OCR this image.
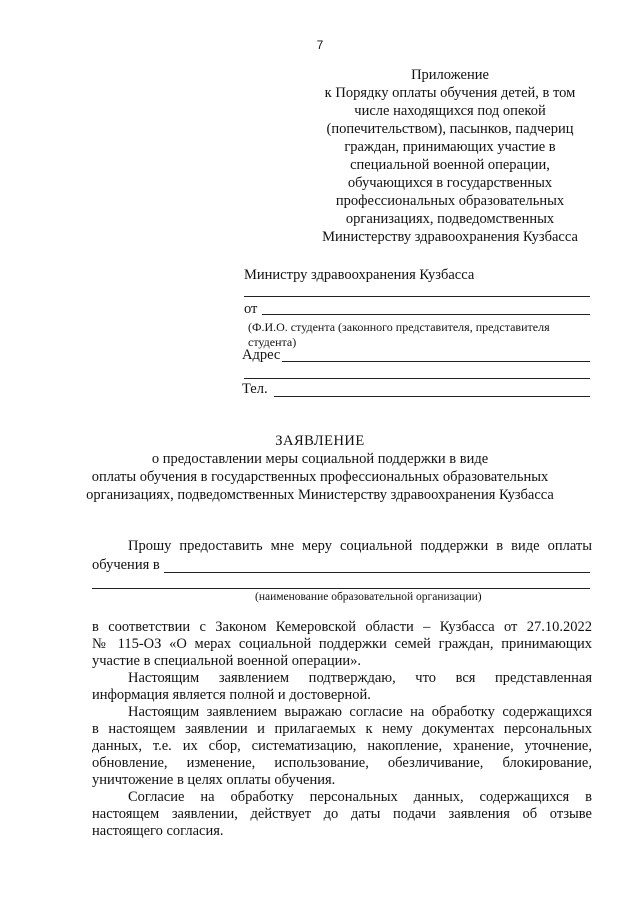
7
Приложение
к Порядку оплаты обучения детей, в том
числе находящихся под опекой
(попечительством), пасынков, падчериц
граждан, принимающих участие в
специальной военной операции,
обучающихся в государственных
профессиональных образовательных
организациях, подведомственных
Министерству здравоохранения Кузбасса
Министру здравоохранения Кузбасса
от
(Ф.И.О. студента (законного представителя, представителя
студента)
Адрес
Тел.
ЗАЯВЛЕНИЕ
о предоставлении меры социальной поддержки в виде
оплаты обучения в государственных профессиональных образовательных
организациях, подведомственных Министерству здравоохранения Кузбасса
Прошу предоставить мне меру социальной поддержки в виде оплаты
обучения в
(наименование образовательной организации)
в соответствии с Законом Кемеровской области – Кузбасса от 27.10.2022
№ 115-ОЗ «О мерах социальной поддержки семей граждан, принимающих
участие в специальной военной операции».
Настоящим заявлением подтверждаю, что вся представленная
информация является полной и достоверной.
Настоящим заявлением выражаю согласие на обработку содержащихся
в настоящем заявлении и прилагаемых к нему документах персональных
данных, т.е. их сбор, систематизацию, накопление, хранение, уточнение,
обновление, изменение, использование, обезличивание, блокирование,
уничтожение в целях оплаты обучения.
Согласие на обработку персональных данных, содержащихся в
настоящем заявлении, действует до даты подачи заявления об отзыве
настоящего согласия.
